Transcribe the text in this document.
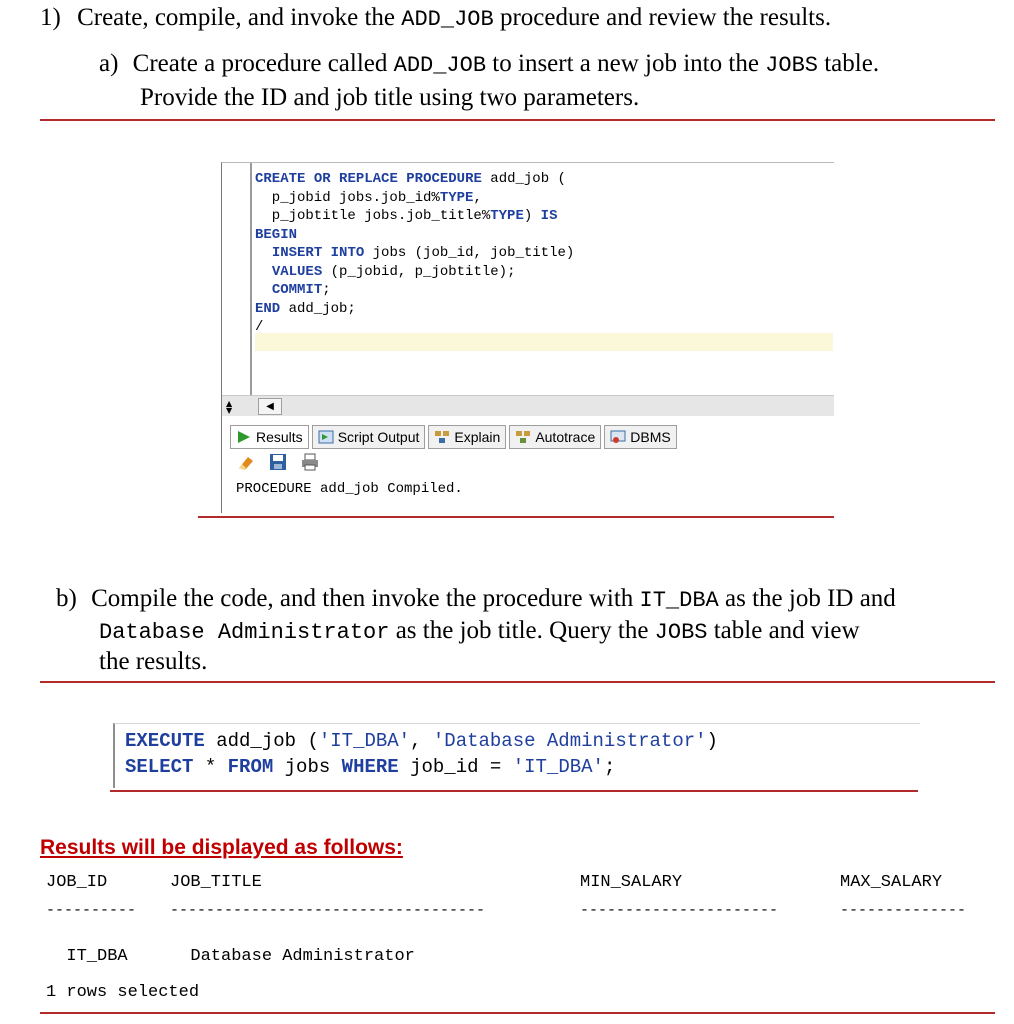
1) Create, compile, and invoke the ADD_JOB procedure and review the results.
a) Create a procedure called ADD_JOB to insert a new job into the JOBS table.
Provide the ID and job title using two parameters.
CREATE OR REPLACE PROCEDURE add_job (
p_jobid jobs.job_id%TYPE,
p_jobtitle jobs.job_title%TYPE) IS
BEGIN
INSERT INTO jobs (job_id, job_title)
VALUES (p_jobid, p_jobtitle);
COMMIT;
END add_job;
/
▲
▼	◀
Results	Script Output	Explain	Autotrace	DBMS
PROCEDURE add_job Compiled.
b) Compile the code, and then invoke the procedure with IT_DBA as the job ID and
Database Administrator as the job title. Query the JOBS table and view
the results.
EXECUTE add_job ('IT_DBA', 'Database Administrator')
SELECT * FROM jobs WHERE job_id = 'IT_DBA';
Results will be displayed as follows:
JOB_ID	JOB_TITLE	MIN_SALARY	MAX_SALARY
---------- -----------------------------------	----------------------	--------------

IT_DBA	Database Administrator

1 rows selected
